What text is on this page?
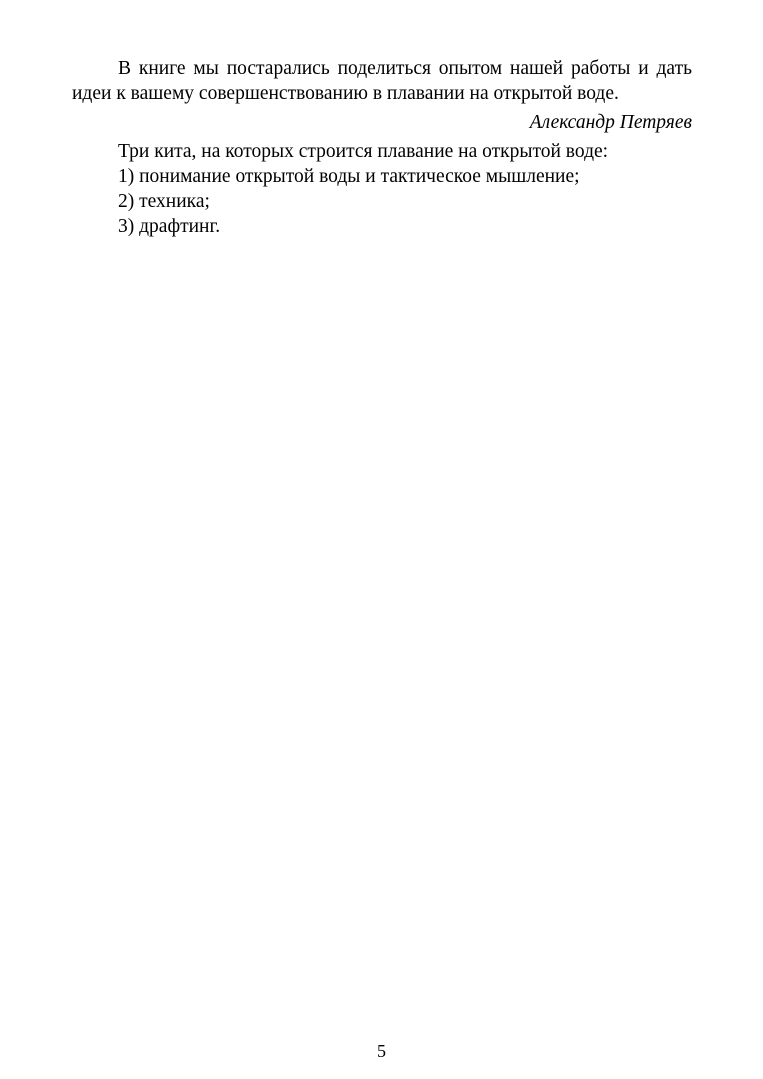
В книге мы постарались поделиться опытом нашей работы и дать идеи к вашему совершенствованию в плавании на открытой воде.

Александр Петряев

Три кита, на которых строится плавание на открытой воде:

1) понимание открытой воды и тактическое мышление;
2) техника;
3) драфтинг.
5
